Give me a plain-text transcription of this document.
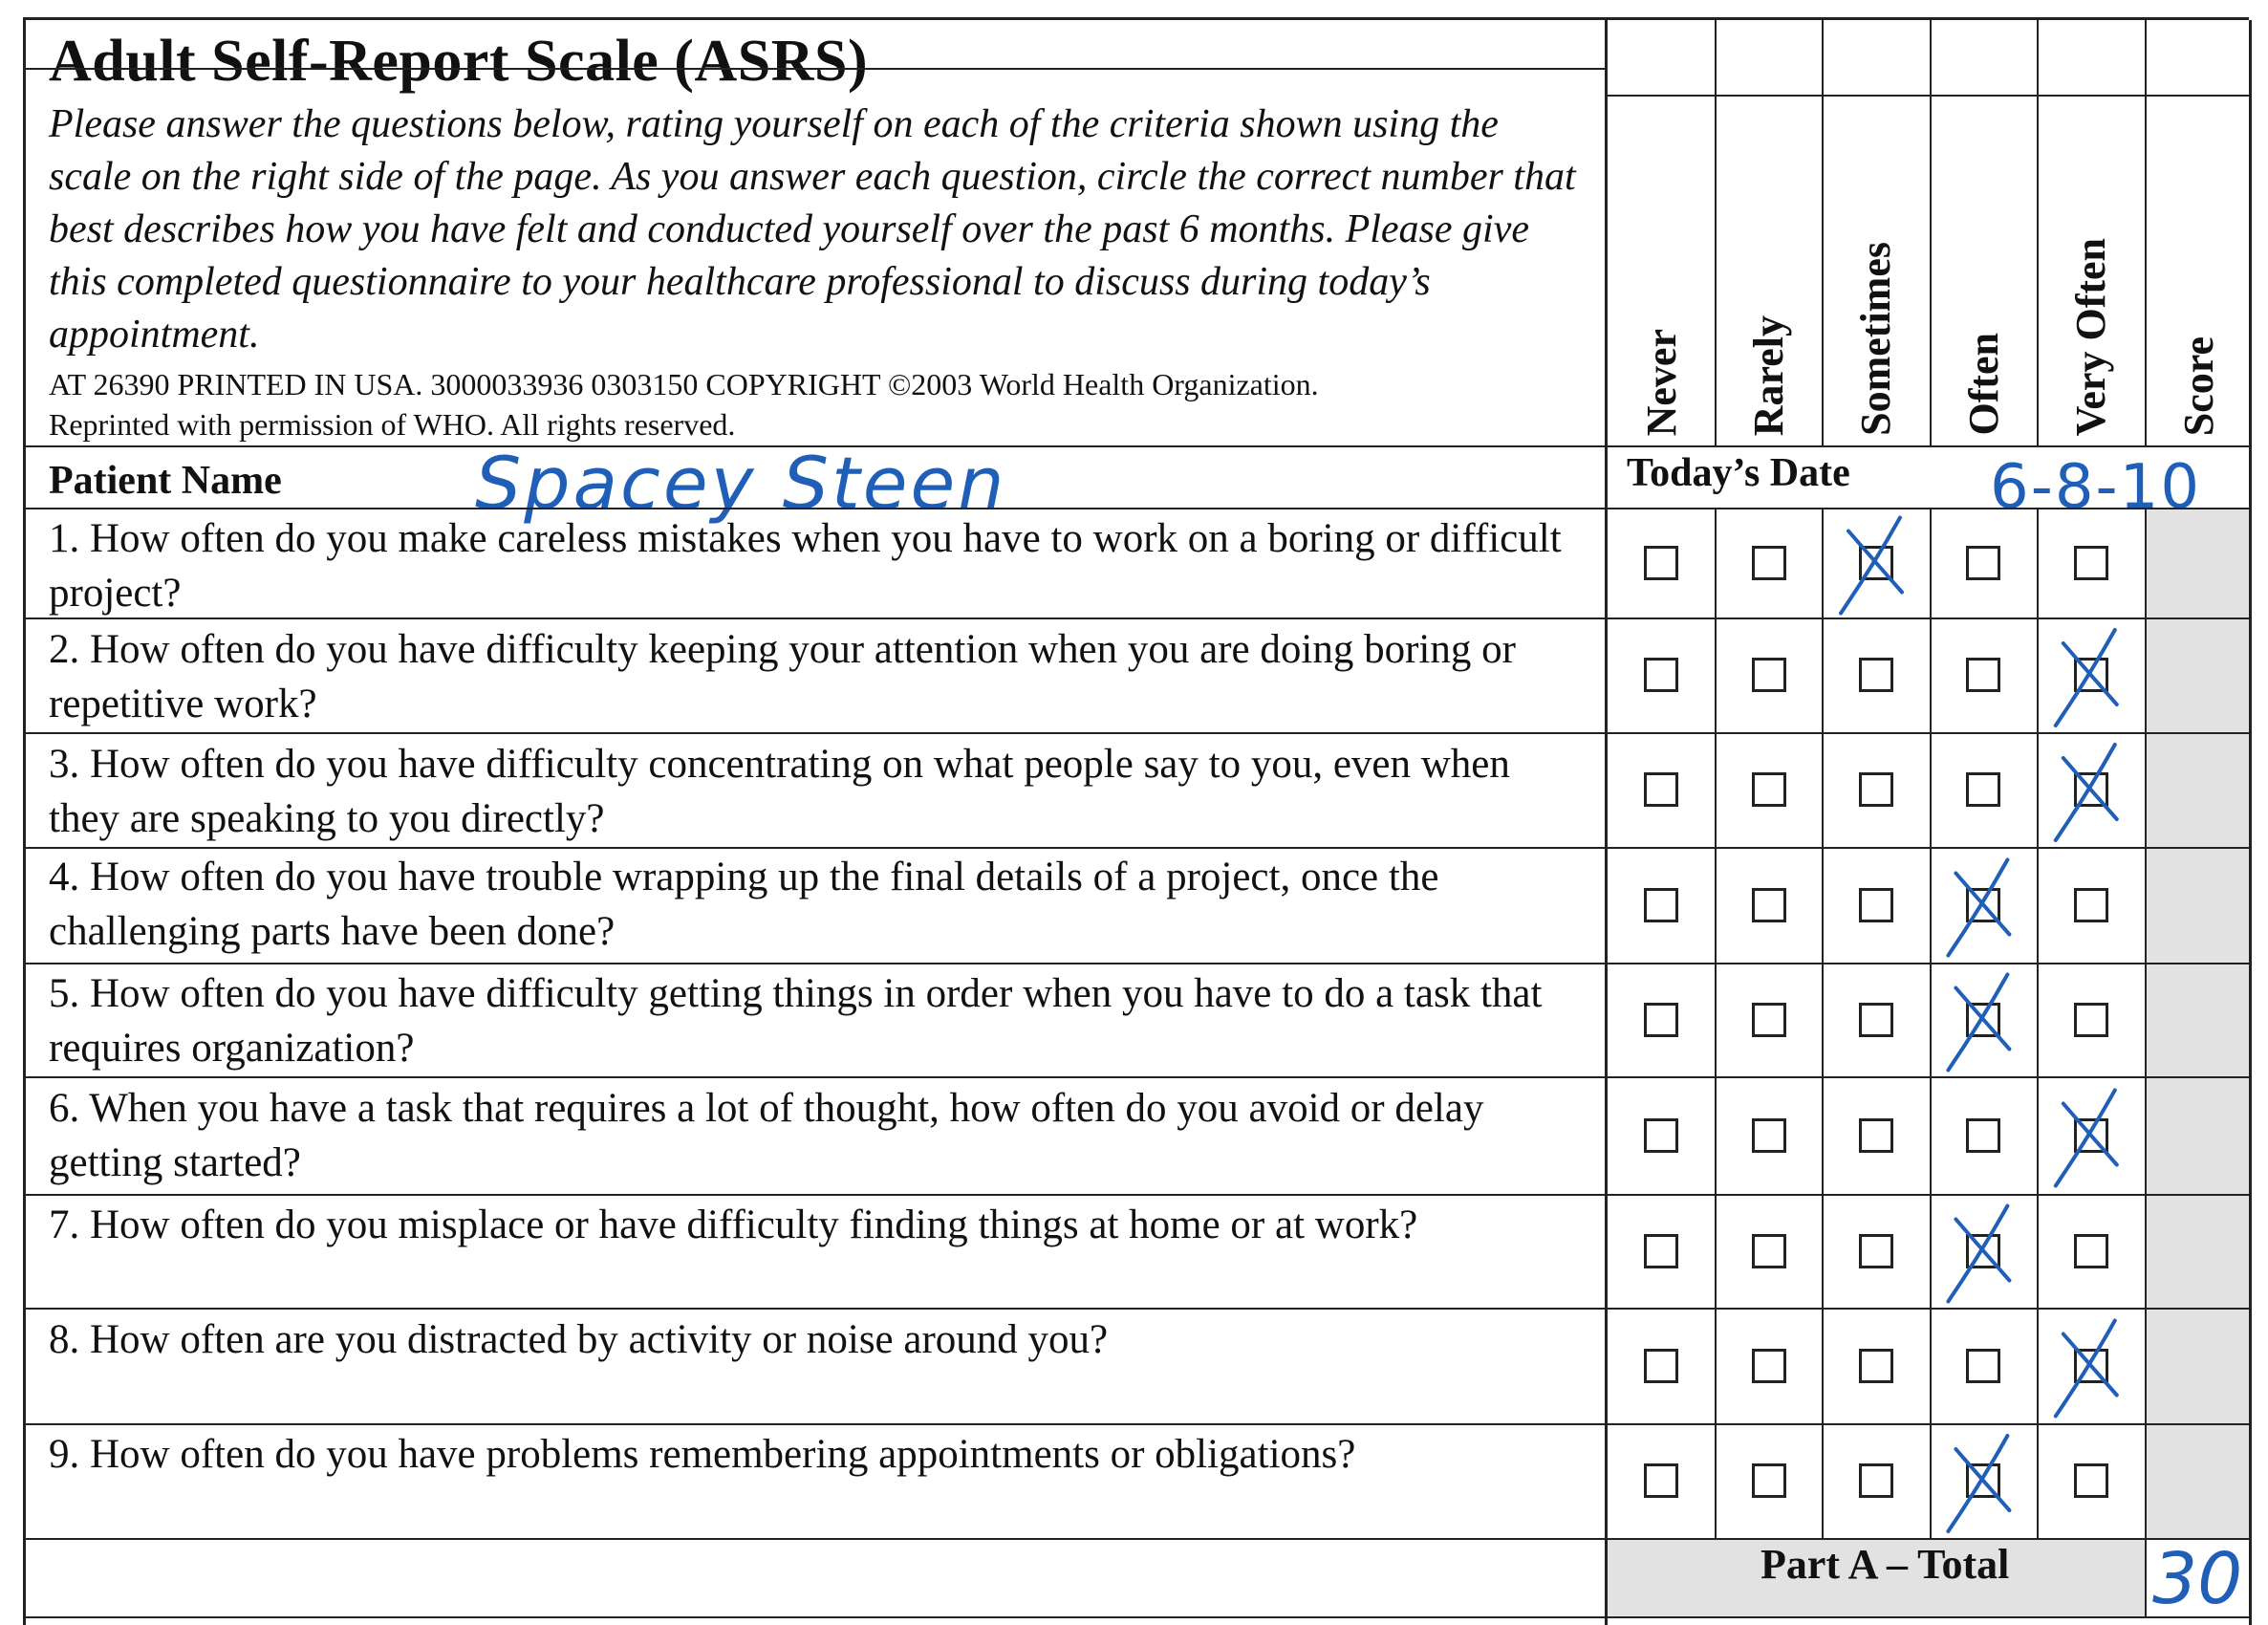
Adult Self-Report Scale (ASRS)
Please answer the questions below, rating yourself on each of the criteria shown using the scale on the right side of the page. As you answer each question, circle the correct number that best describes how you have felt and conducted yourself over the past 6 months. Please give this completed questionnaire to your healthcare professional to discuss during today’s appointment.
AT 26390 PRINTED IN USA. 3000033936 0303150 COPYRIGHT ©2003 World Health Organization.
Reprinted with permission of WHO. All rights reserved.
Patient Name	Spacey Steen
1. How often do you make careless mistakes when you have to work on a boring or difficult project?
2. How often do you have difficulty keeping your attention when you are doing boring or repetitive work?
3. How often do you have difficulty concentrating on what people say to you, even when they are speaking to you directly?
4. How often do you have trouble wrapping up the final details of a project, once the challenging parts have been done?
5. How often do you have difficulty getting things in order when you have to do a task that requires organization?
6. When you have a task that requires a lot of thought, how often do you avoid or delay getting started?
7. How often do you misplace or have difficulty finding things at home or at work?
8. How often are you distracted by activity or noise around you?
9. How often do you have problems remembering appointments or obligations?
Never Rarely Sometimes Often Very Often Score
Today’s Date 6-8-10
Part A – Total 30
